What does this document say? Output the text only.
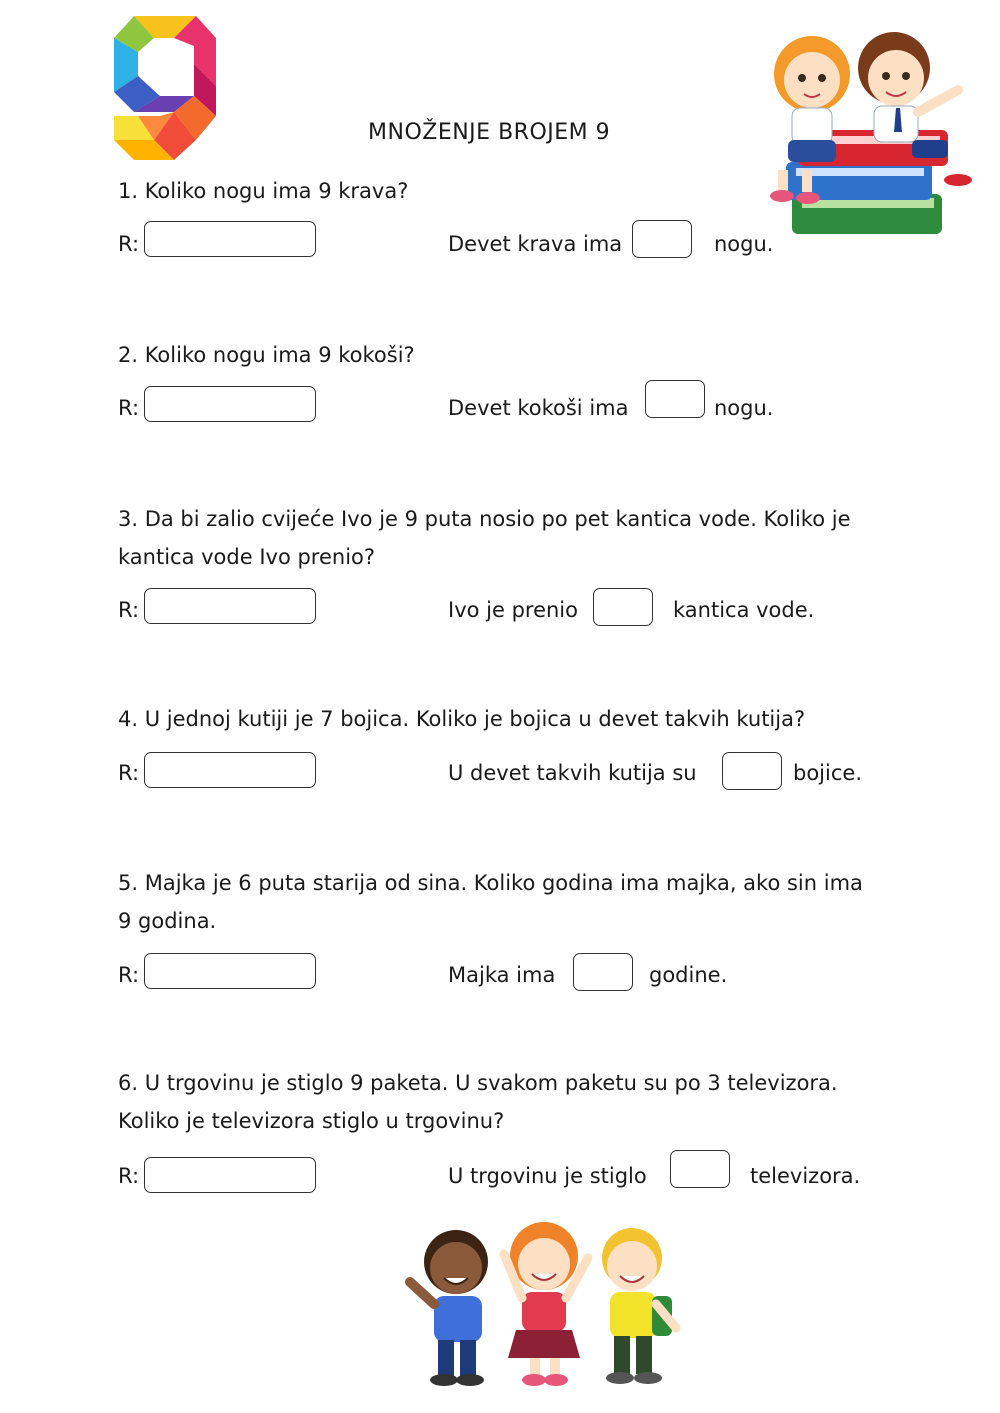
MNOŽENJE BROJEM 9
1. Koliko nogu ima 9 krava?
R:	Devet krava ima	nogu.
2. Koliko nogu ima 9 kokoši?
R:	Devet kokoši ima	nogu.
3. Da bi zalio cvijeće Ivo je 9 puta nosio po pet kantica vode. Koliko je kantica vode Ivo prenio?
R:	Ivo je prenio	kantica vode.
4. U jednoj kutiji je 7 bojica. Koliko je bojica u devet takvih kutija?
R:	U devet takvih kutija su	bojice.
5. Majka je 6 puta starija od sina. Koliko godina ima majka, ako sin ima 9 godina.
R:	Majka ima	godine.
6. U trgovinu je stiglo 9 paketa. U svakom paketu su po 3 televizora. Koliko je televizora stiglo u trgovinu?
R:	U trgovinu je stiglo	televizora.
